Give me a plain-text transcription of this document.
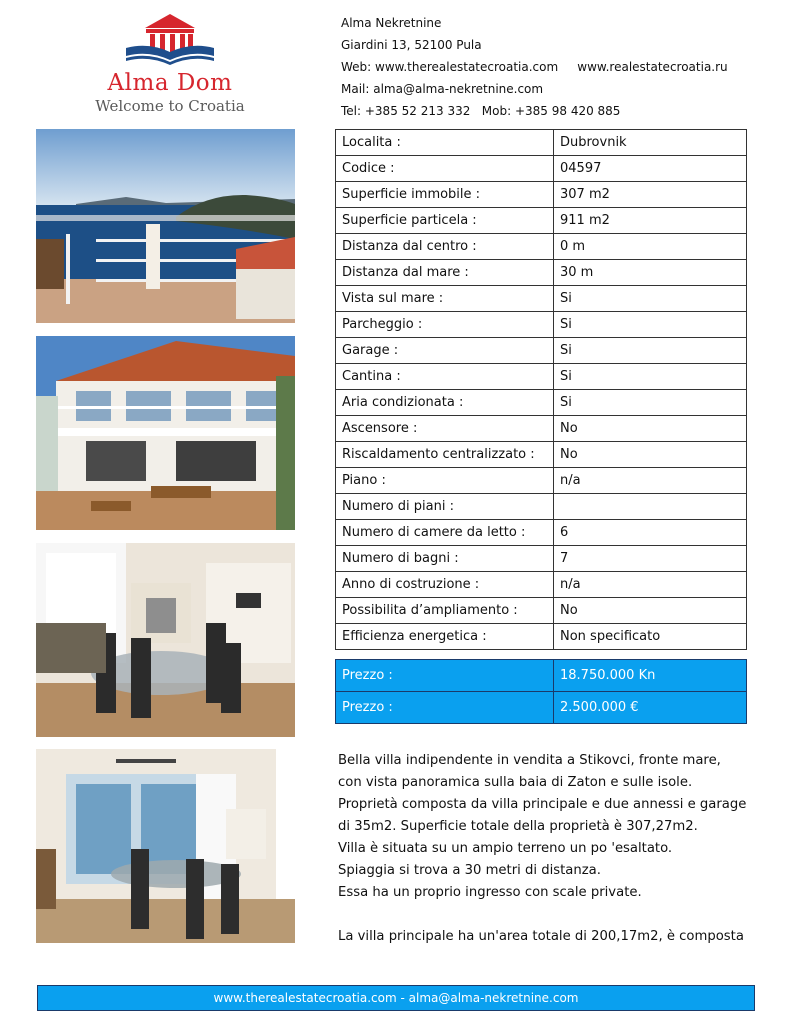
Alma Dom
Welcome to Croatia
Alma Nekretnine
Giardini 13, 52100 Pula
Web: www.therealestatecroatia.com     www.realestatecroatia.ru
Mail: alma@alma-nekretnine.com
Tel: +385 52 213 332   Mob: +385 98 420 885
Localita :	Dubrovnik
Codice :	04597
Superficie immobile :	307 m2
Superficie particela :	911 m2
Distanza dal centro :	0 m
Distanza dal mare :	30 m
Vista sul mare :	Si
Parcheggio :	Si
Garage :	Si
Cantina :	Si
Aria condizionata :	Si
Ascensore :	No
Riscaldamento centralizzato :	No
Piano :	n/a
Numero di piani :	
Numero di camere da letto :	6
Numero di bagni :	7
Anno di costruzione :	n/a
Possibilita d’ampliamento :	No
Efficienza energetica :	Non specificato
Prezzo :	18.750.000 Kn
Prezzo :	2.500.000 €

Bella villa indipendente in vendita a Stikovci, fronte mare, con vista panoramica sulla baia di Zaton e sulle isole.

Proprietà composta da villa principale e due annessi e garage di 35m2. Superficie totale della proprietà è 307,27m2.

Villa è situata su un ampio terreno un po 'esaltato.

Spiaggia si trova a 30 metri di distanza.

Essa ha un proprio ingresso con scale private.

La villa principale ha un'area totale di 200,17m2, è composta

www.therealestatecroatia.com - alma@alma-nekretnine.com
